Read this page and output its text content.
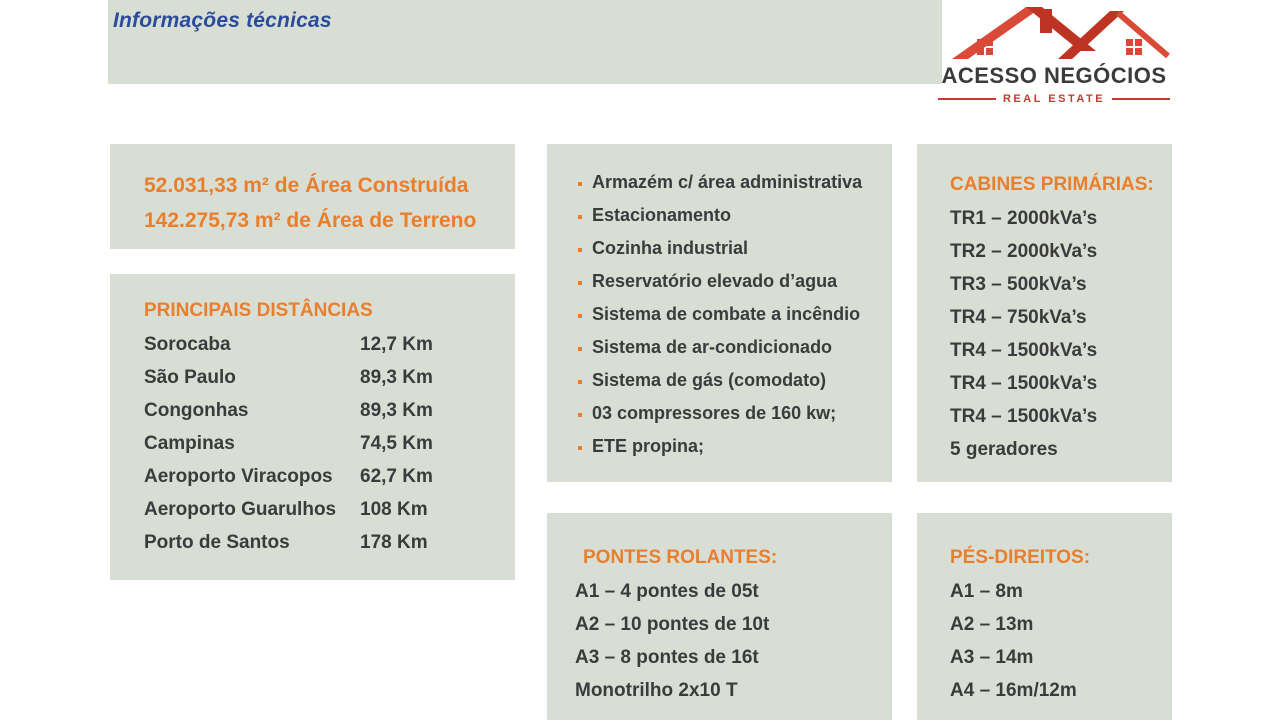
Informações técnicas
ACESSO NEGÓCIOS
REAL ESTATE
52.031,33 m² de Área Construída
142.275,73 m² de Área de Terreno
PRINCIPAIS DISTÂNCIAS
Sorocaba	12,7 Km
São Paulo	89,3 Km
Congonhas	89,3 Km
Campinas	74,5 Km
Aeroporto Viracopos	62,7 Km
Aeroporto Guarulhos	108 Km
Porto de Santos	178 Km
Armazém c/ área administrativa
Estacionamento
Cozinha industrial
Reservatório elevado d’agua
Sistema de combate a incêndio
Sistema de ar-condicionado
Sistema de gás (comodato)
03 compressores de 160 kw;
ETE propina;
CABINES PRIMÁRIAS:
TR1 – 2000kVa’s
TR2 – 2000kVa’s
TR3 – 500kVa’s
TR4 – 750kVa’s
TR4 – 1500kVa’s
TR4 – 1500kVa’s
TR4 – 1500kVa’s
5 geradores
PONTES ROLANTES:
A1 – 4 pontes de 05t
A2 – 10 pontes de 10t
A3 – 8 pontes de 16t
Monotrilho 2x10 T
PÉS-DIREITOS:
A1 – 8m
A2 – 13m
A3 – 14m
A4 – 16m/12m
